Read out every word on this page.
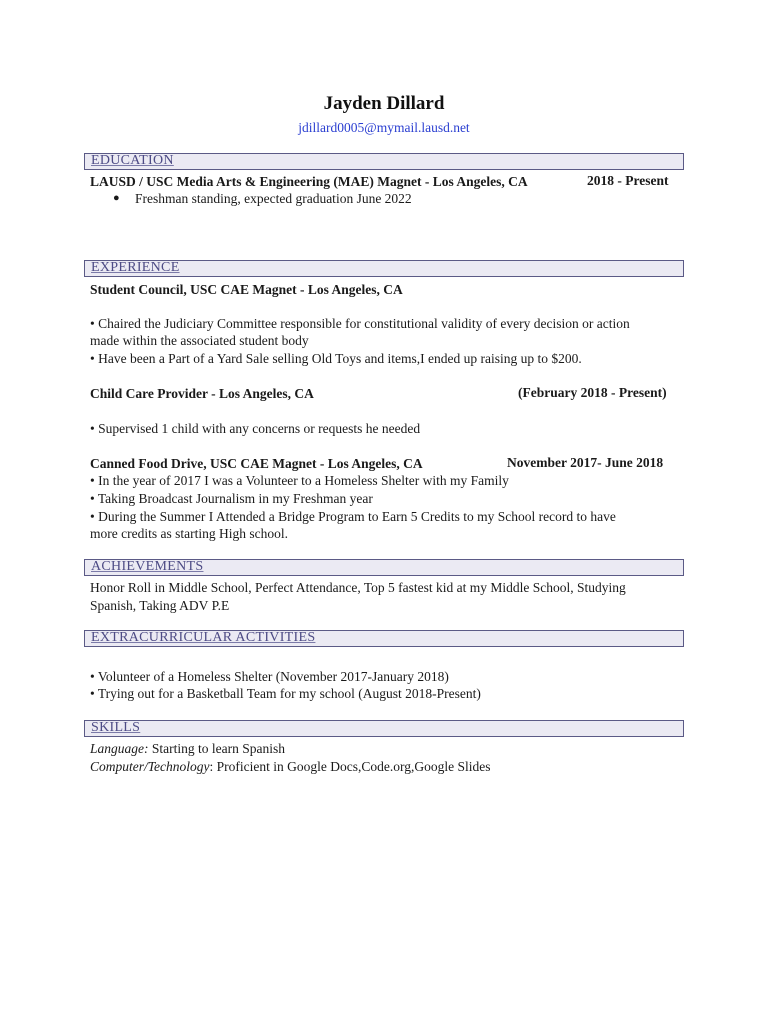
Jayden Dillard
jdillard0005@mymail.lausd.net
EDUCATION
LAUSD / USC Media Arts & Engineering (MAE) Magnet - Los Angeles, CA	2018 - Present
● Freshman standing, expected graduation June 2022
EXPERIENCE
Student Council, USC CAE Magnet - Los Angeles, CA
• Chaired the Judiciary Committee responsible for constitutional validity of every decision or action
made within the associated student body
• Have been a Part of a Yard Sale selling Old Toys and items,I ended up raising up to $200.
Child Care Provider - Los Angeles, CA	(February 2018 - Present)
• Supervised 1 child with any concerns or requests he needed
Canned Food Drive, USC CAE Magnet - Los Angeles, CA	November 2017- June 2018
• In the year of 2017 I was a Volunteer to a Homeless Shelter with my Family
• Taking Broadcast Journalism in my Freshman year
• During the Summer I Attended a Bridge Program to Earn 5 Credits to my School record to have
more credits as starting High school.
ACHIEVEMENTS
Honor Roll in Middle School, Perfect Attendance, Top 5 fastest kid at my Middle School, Studying
Spanish, Taking ADV P.E
EXTRACURRICULAR ACTIVITIES
• Volunteer of a Homeless Shelter (November 2017-January 2018)
• Trying out for a Basketball Team for my school (August 2018-Present)
SKILLS
Language: Starting to learn Spanish
Computer/Technology: Proficient in Google Docs,Code.org,Google Slides
